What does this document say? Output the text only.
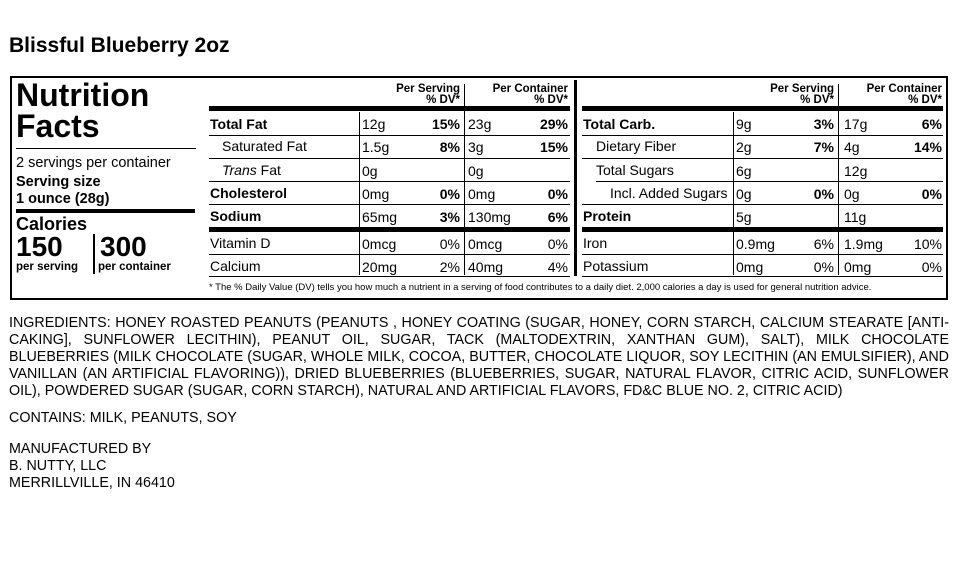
Blissful Blueberry 2oz
Nutrition
Facts
2 servings per container
Serving size
1 ounce (28g)
Calories
150
per serving
300
per container
Per Serving
% DV*
Per Container
% DV*
Total Fat	12g	15% 23g	29%
Saturated Fat	1.5g	8% 3g	15%
Trans Fat	0g	0g
Cholesterol	0mg	0% 0mg	0%
Sodium	65mg	3% 130mg	6%
Vitamin D	0mcg	0% 0mcg	0%
Calcium	20mg	2% 40mg	4%
Per Serving
% DV*
Per Container
% DV*
Total Carb.	9g	3% 17g	6%
Dietary Fiber	2g	7% 4g	14%
Total Sugars	6g	12g
Incl. Added Sugars 0g	0% 0g	0%
Protein	5g	11g
Iron	0.9mg	6% 1.9mg	10%
Potassium	0mg	0% 0mg	0%
* The % Daily Value (DV) tells you how much a nutrient in a serving of food contributes to a daily diet. 2,000 calories a day is used for general nutrition advice.
INGREDIENTS: HONEY ROASTED PEANUTS (PEANUTS , HONEY COATING (SUGAR, HONEY, CORN STARCH, CALCIUM STEARATE [ANTI-CAKING], SUNFLOWER LECITHIN), PEANUT OIL, SUGAR, TACK (MALTODEXTRIN, XANTHAN GUM), SALT), MILK CHOCOLATE BLUEBERRIES (MILK CHOCOLATE (SUGAR, WHOLE MILK, COCOA, BUTTER, CHOCOLATE LIQUOR, SOY LECITHIN (AN EMULSIFIER), AND VANILLAN (AN ARTIFICIAL FLAVORING)), DRIED BLUEBERRIES (BLUEBERRIES, SUGAR, NATURAL FLAVOR, CITRIC ACID, SUNFLOWER OIL), POWDERED SUGAR (SUGAR, CORN STARCH), NATURAL AND ARTIFICIAL FLAVORS, FD&C BLUE NO. 2, CITRIC ACID)
CONTAINS: MILK, PEANUTS, SOY
MANUFACTURED BY
B. NUTTY, LLC
MERRILLVILLE, IN 46410
